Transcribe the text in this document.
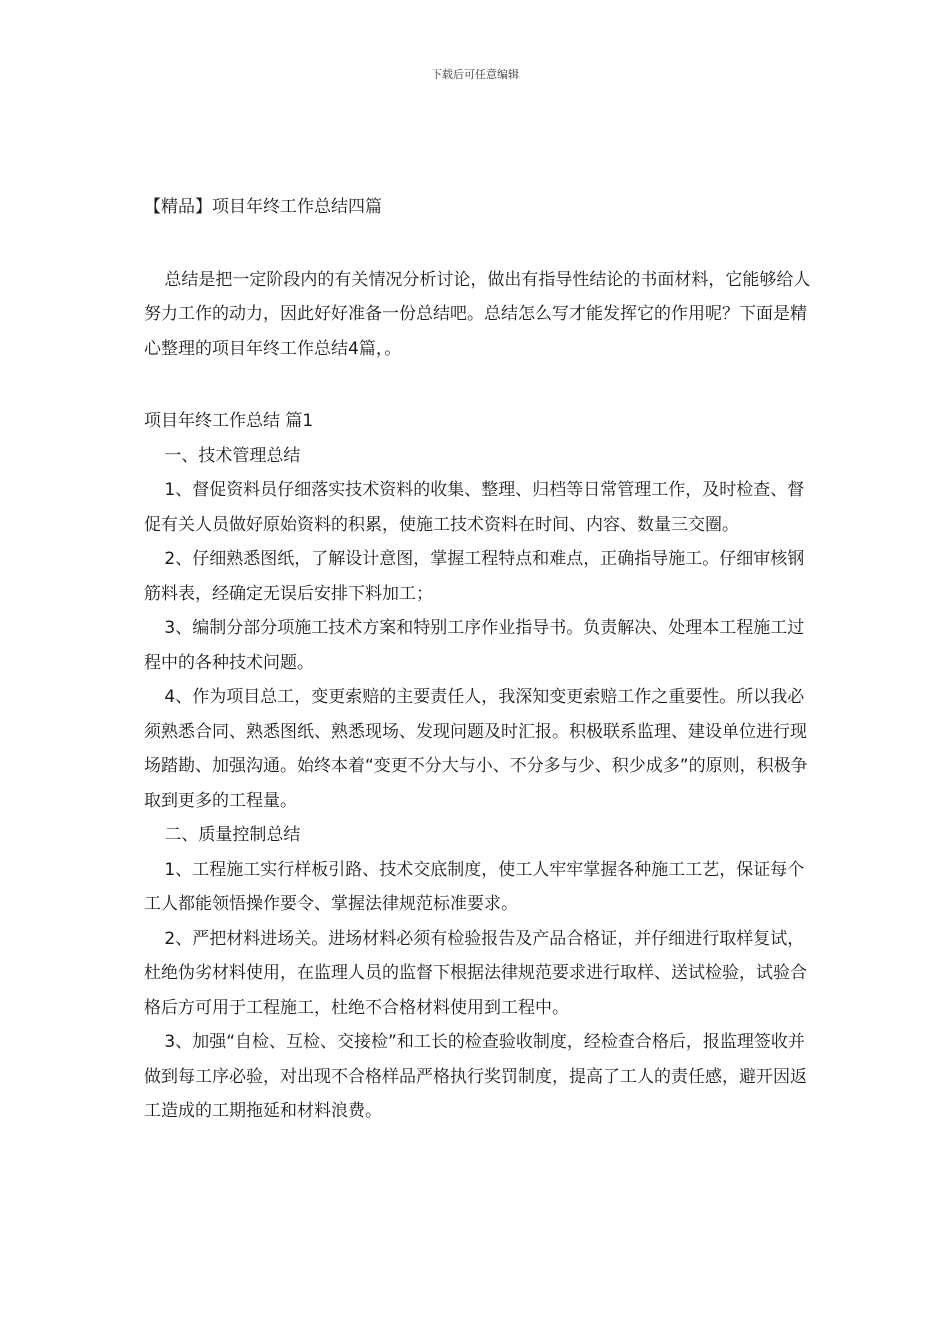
下载后可任意编辑
【精品】项目年终工作总结四篇

总结是把一定阶段内的有关情况分析讨论，做出有指导性结论的书面材料，它能够给人努力工作的动力，因此好好准备一份总结吧。总结怎么写才能发挥它的作用呢？下面是精心整理的项目年终工作总结4篇，。

项目年终工作总结 篇1

一、技术管理总结

1、督促资料员仔细落实技术资料的收集、整理、归档等日常管理工作，及时检查、督促有关人员做好原始资料的积累，使施工技术资料在时间、内容、数量三交圈。

2、仔细熟悉图纸，了解设计意图，掌握工程特点和难点，正确指导施工。仔细审核钢筋料表，经确定无误后安排下料加工；

3、编制分部分项施工技术方案和特别工序作业指导书。负责解决、处理本工程施工过程中的各种技术问题。

4、作为项目总工，变更索赔的主要责任人，我深知变更索赔工作之重要性。所以我必须熟悉合同、熟悉图纸、熟悉现场、发现问题及时汇报。积极联系监理、建设单位进行现场踏勘、加强沟通。始终本着“变更不分大与小、不分多与少、积少成多”的原则，积极争取到更多的工程量。

二、质量控制总结

1、工程施工实行样板引路、技术交底制度，使工人牢牢掌握各种施工工艺，保证每个工人都能领悟操作要令、掌握法律规范标准要求。

2、严把材料进场关。进场材料必须有检验报告及产品合格证，并仔细进行取样复试，杜绝伪劣材料使用，在监理人员的监督下根据法律规范要求进行取样、送试检验，试验合格后方可用于工程施工，杜绝不合格材料使用到工程中。

3、加强“自检、互检、交接检”和工长的检查验收制度，经检查合格后，报监理签收并做到每工序必验，对出现不合格样品严格执行奖罚制度，提高了工人的责任感，避开因返工造成的工期拖延和材料浪费。
